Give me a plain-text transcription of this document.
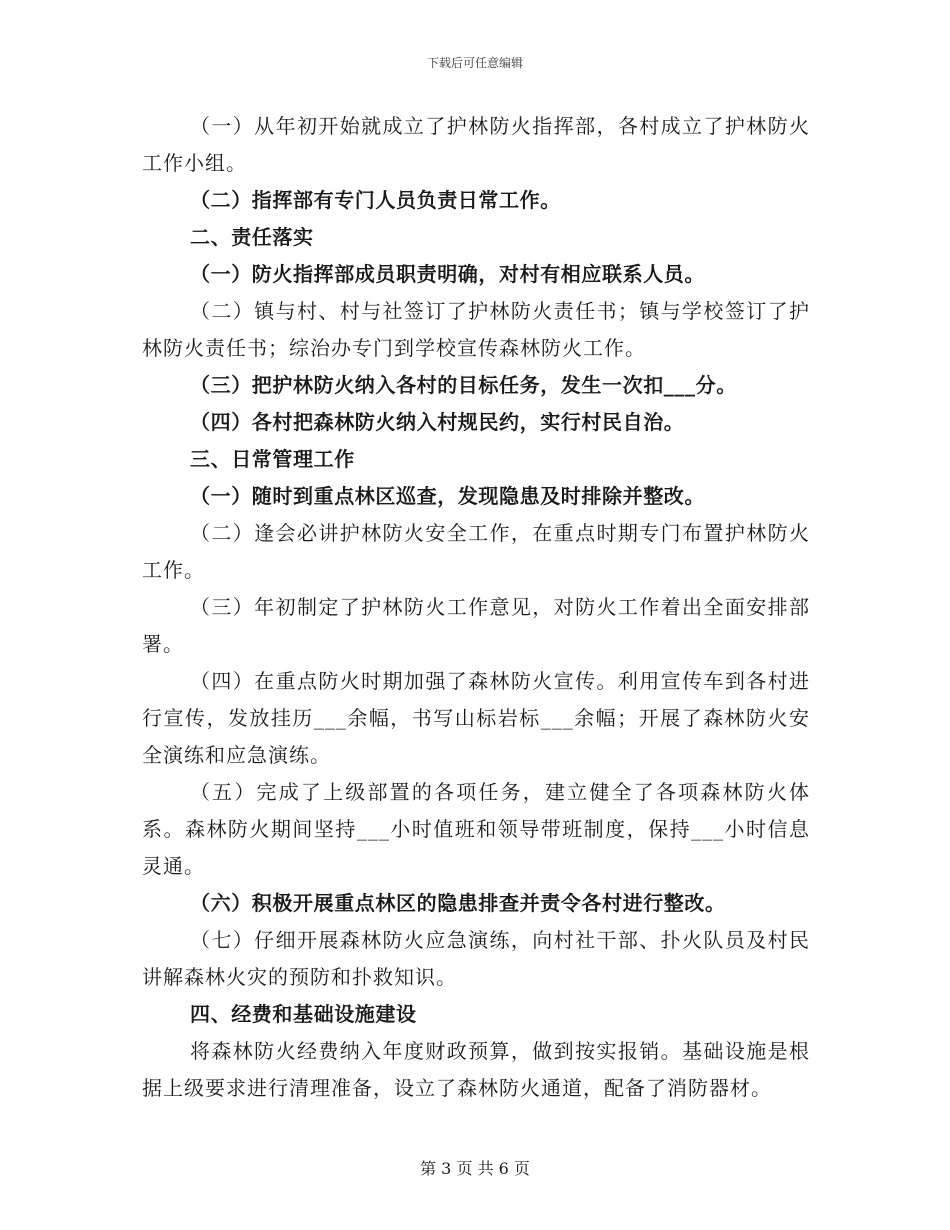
下载后可任意编辑

（一）从年初开始就成立了护林防火指挥部，各村成立了护林防火工作小组。

（二）指挥部有专门人员负责日常工作。

二、责任落实

（一）防火指挥部成员职责明确，对村有相应联系人员。

（二）镇与村、村与社签订了护林防火责任书；镇与学校签订了护林防火责任书；综治办专门到学校宣传森林防火工作。

（三）把护林防火纳入各村的目标任务，发生一次扣___分。

（四）各村把森林防火纳入村规民约，实行村民自治。

三、日常管理工作

（一）随时到重点林区巡查，发现隐患及时排除并整改。

（二）逢会必讲护林防火安全工作，在重点时期专门布置护林防火工作。

（三）年初制定了护林防火工作意见，对防火工作着出全面安排部署。

（四）在重点防火时期加强了森林防火宣传。利用宣传车到各村进行宣传，发放挂历___余幅，书写山标岩标___余幅；开展了森林防火安全演练和应急演练。

（五）完成了上级部置的各项任务，建立健全了各项森林防火体系。森林防火期间坚持___小时值班和领导带班制度，保持___小时信息灵通。

（六）积极开展重点林区的隐患排查并责令各村进行整改。

（七）仔细开展森林防火应急演练，向村社干部、扑火队员及村民讲解森林火灾的预防和扑救知识。

四、经费和基础设施建设

将森林防火经费纳入年度财政预算，做到按实报销。基础设施是根据上级要求进行清理准备，设立了森林防火通道，配备了消防器材。

第 3 页 共 6 页
